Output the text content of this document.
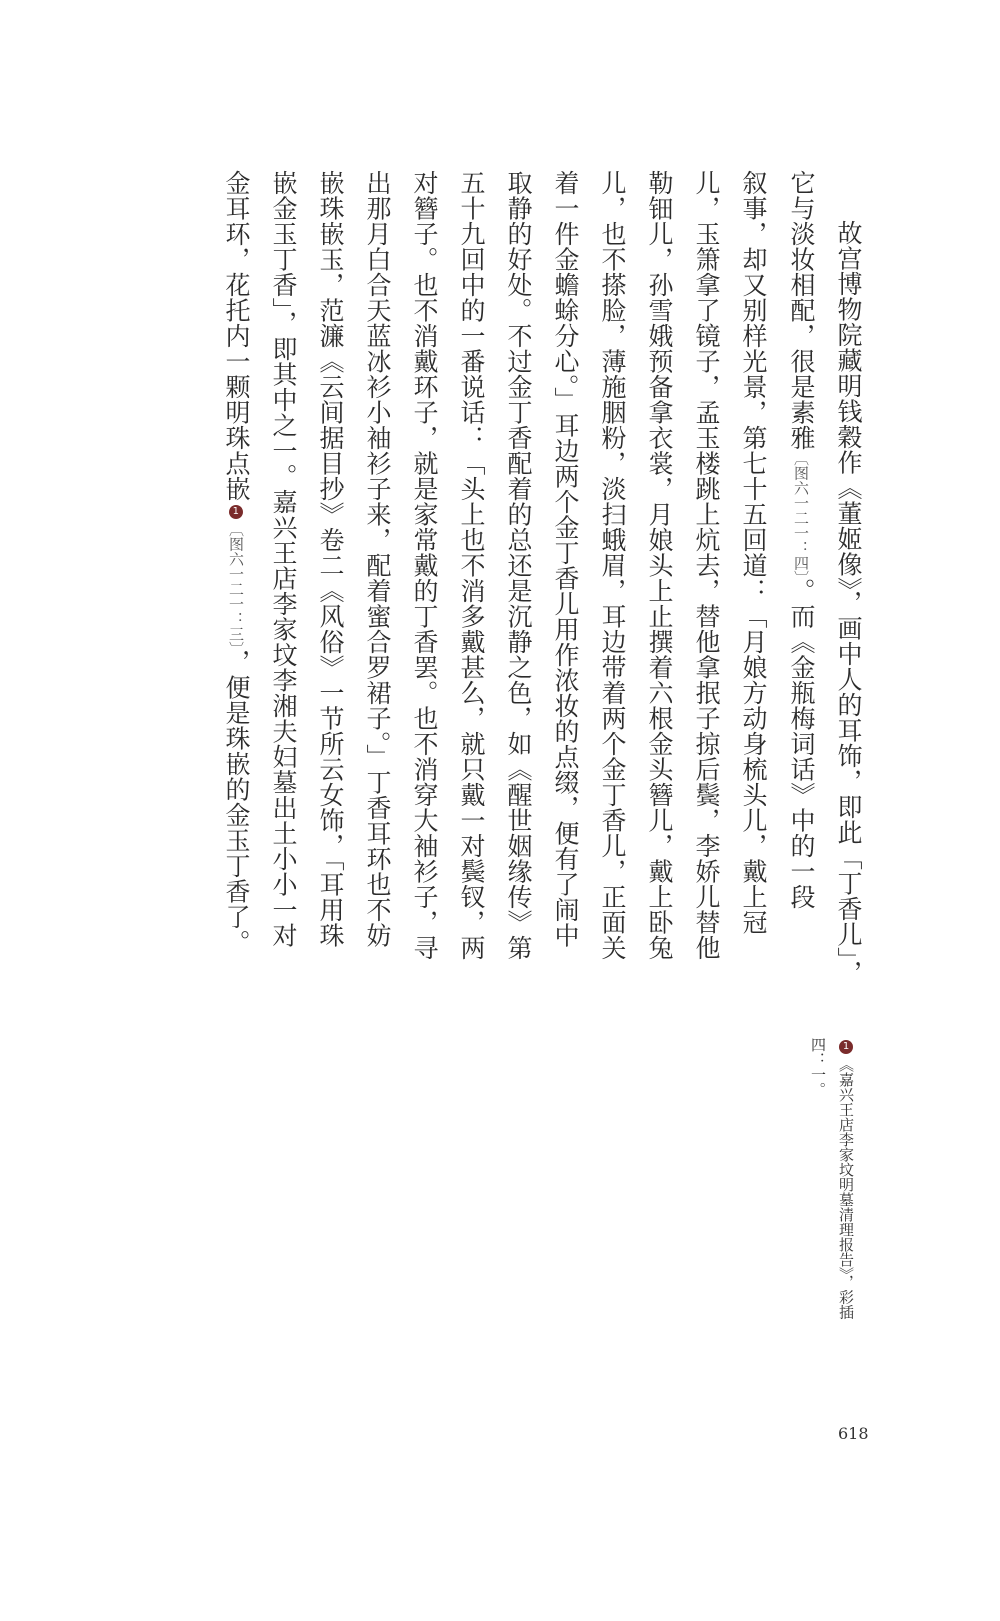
故宫博物院藏明钱穀作《董姬像》，画中人的耳饰，即此「丁香儿」，
它与淡妆相配，很是素雅〔图六一二一：四〕。而《金瓶梅词话》中的一段
叙事，却又别样光景，第七十五回道：「月娘方动身梳头儿，戴上冠
儿，玉箫拿了镜子，孟玉楼跳上炕去，替他拿抿子掠后鬓，李娇儿替他
勒钿儿，孙雪娥预备拿衣裳，月娘头上止撰着六根金头簪儿，戴上卧兔
儿，也不搽脸，薄施胭粉，淡扫蛾眉，耳边带着两个金丁香儿，正面关
着一件金蟾蜍分心。」耳边两个金丁香儿用作浓妆的点缀，便有了闹中
取静的好处。不过金丁香配着的总还是沉静之色，如《醒世姻缘传》第
五十九回中的一番说话：「头上也不消多戴甚么，就只戴一对鬓钗，两
对簪子。也不消戴环子，就是家常戴的丁香罢。也不消穿大袖衫子，寻
出那月白合天蓝冰衫小袖衫子来，配着蜜合罗裙子。」丁香耳环也不妨
嵌珠嵌玉，范濂《云间据目抄》卷二《风俗》一节所云女饰，「耳用珠
嵌金玉丁香」，即其中之一。嘉兴王店李家坟李湘夫妇墓出土小小一对
金耳环，花托内一颗明珠点嵌1〔图六一二一：三〕，便是珠嵌的金玉丁香了。
1《嘉兴王店李家坟明墓清理报告》，彩插
四：一。
618
